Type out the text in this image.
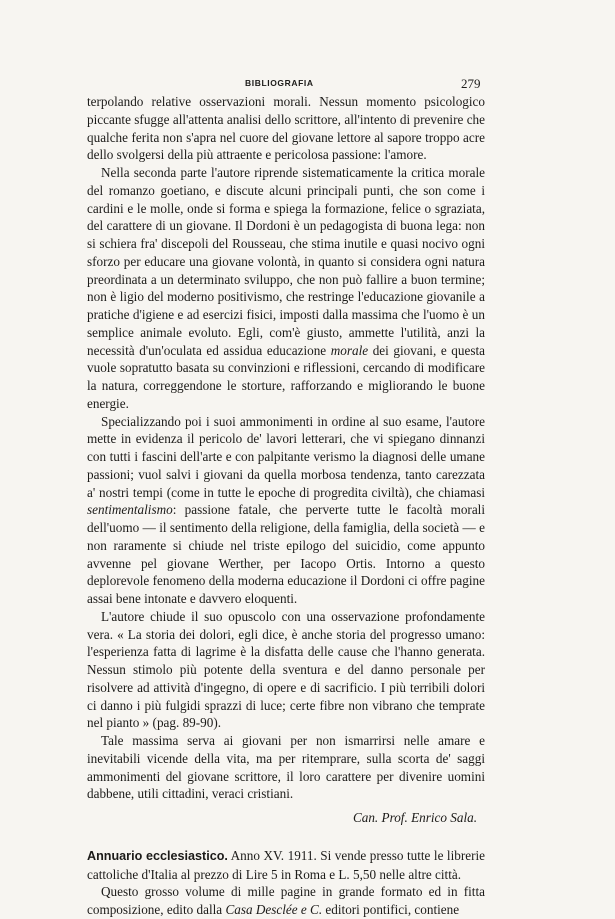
BIBLIOGRAFIA	279

terpolando relative osservazioni morali. Nessun momento psicologico piccante sfugge all'attenta analisi dello scrittore, all'intento di prevenire che qualche ferita non s'apra nel cuore del giovane lettore al sapore troppo acre dello svolgersi della più attraente e pericolosa passione: l'amore.

Nella seconda parte l'autore riprende sistematicamente la critica morale del romanzo goetiano, e discute alcuni principali punti, che son come i cardini e le molle, onde si forma e spiega la formazione, felice o sgraziata, del carattere di un giovane. Il Dordoni è un pedagogista di buona lega: non si schiera fra' discepoli del Rousseau, che stima inutile e quasi nocivo ogni sforzo per educare una giovane volontà, in quanto si considera ogni natura preordinata a un determinato sviluppo, che non può fallire a buon termine; non è ligio del moderno positivismo, che restringe l'educazione giovanile a pratiche d'igiene e ad esercizi fisici, imposti dalla massima che l'uomo è un semplice animale evoluto. Egli, com'è giusto, ammette l'utilità, anzi la necessità d'un'oculata ed assidua educazione morale dei giovani, e questa vuole sopratutto basata su convinzioni e riflessioni, cercando di modificare la natura, correggendone le storture, rafforzando e migliorando le buone energie.

Specializzando poi i suoi ammonimenti in ordine al suo esame, l'autore mette in evidenza il pericolo de' lavori letterari, che vi spiegano dinnanzi con tutti i fascini dell'arte e con palpitante verismo la diagnosi delle umane passioni; vuol salvi i giovani da quella morbosa tendenza, tanto carezzata a' nostri tempi (come in tutte le epoche di progredita civiltà), che chiamasi sentimentalismo: passione fatale, che perverte tutte le facoltà morali dell'uomo — il sentimento della religione, della famiglia, della società — e non raramente si chiude nel triste epilogo del suicidio, come appunto avvenne pel giovane Werther, per Iacopo Ortis. Intorno a questo deplorevole fenomeno della moderna educazione il Dordoni ci offre pagine assai bene intonate e davvero eloquenti.

L'autore chiude il suo opuscolo con una osservazione profondamente vera. « La storia dei dolori, egli dice, è anche storia del progresso umano: l'esperienza fatta di lagrime è la disfatta delle cause che l'hanno generata. Nessun stimolo più potente della sventura e del danno personale per risolvere ad attività d'ingegno, di opere e di sacrificio. I più terribili dolori ci danno i più fulgidi sprazzi di luce; certe fibre non vibrano che temprate nel pianto » (pag. 89-90).

Tale massima serva ai giovani per non ismarrirsi nelle amare e inevitabili vicende della vita, ma per ritemprare, sulla scorta de' saggi ammonimenti del giovane scrittore, il loro carattere per divenire uomini dabbene, utili cittadini, veraci cristiani.

Can. Prof. Enrico Sala.

Annuario ecclesiastico. Anno XV. 1911. Si vende presso tutte le librerie cattoliche d'Italia al prezzo di Lire 5 in Roma e L. 5,50 nelle altre città.

Questo grosso volume di mille pagine in grande formato ed in fitta composizione, edito dalla Casa Desclée e C. editori pontifici, contiene
